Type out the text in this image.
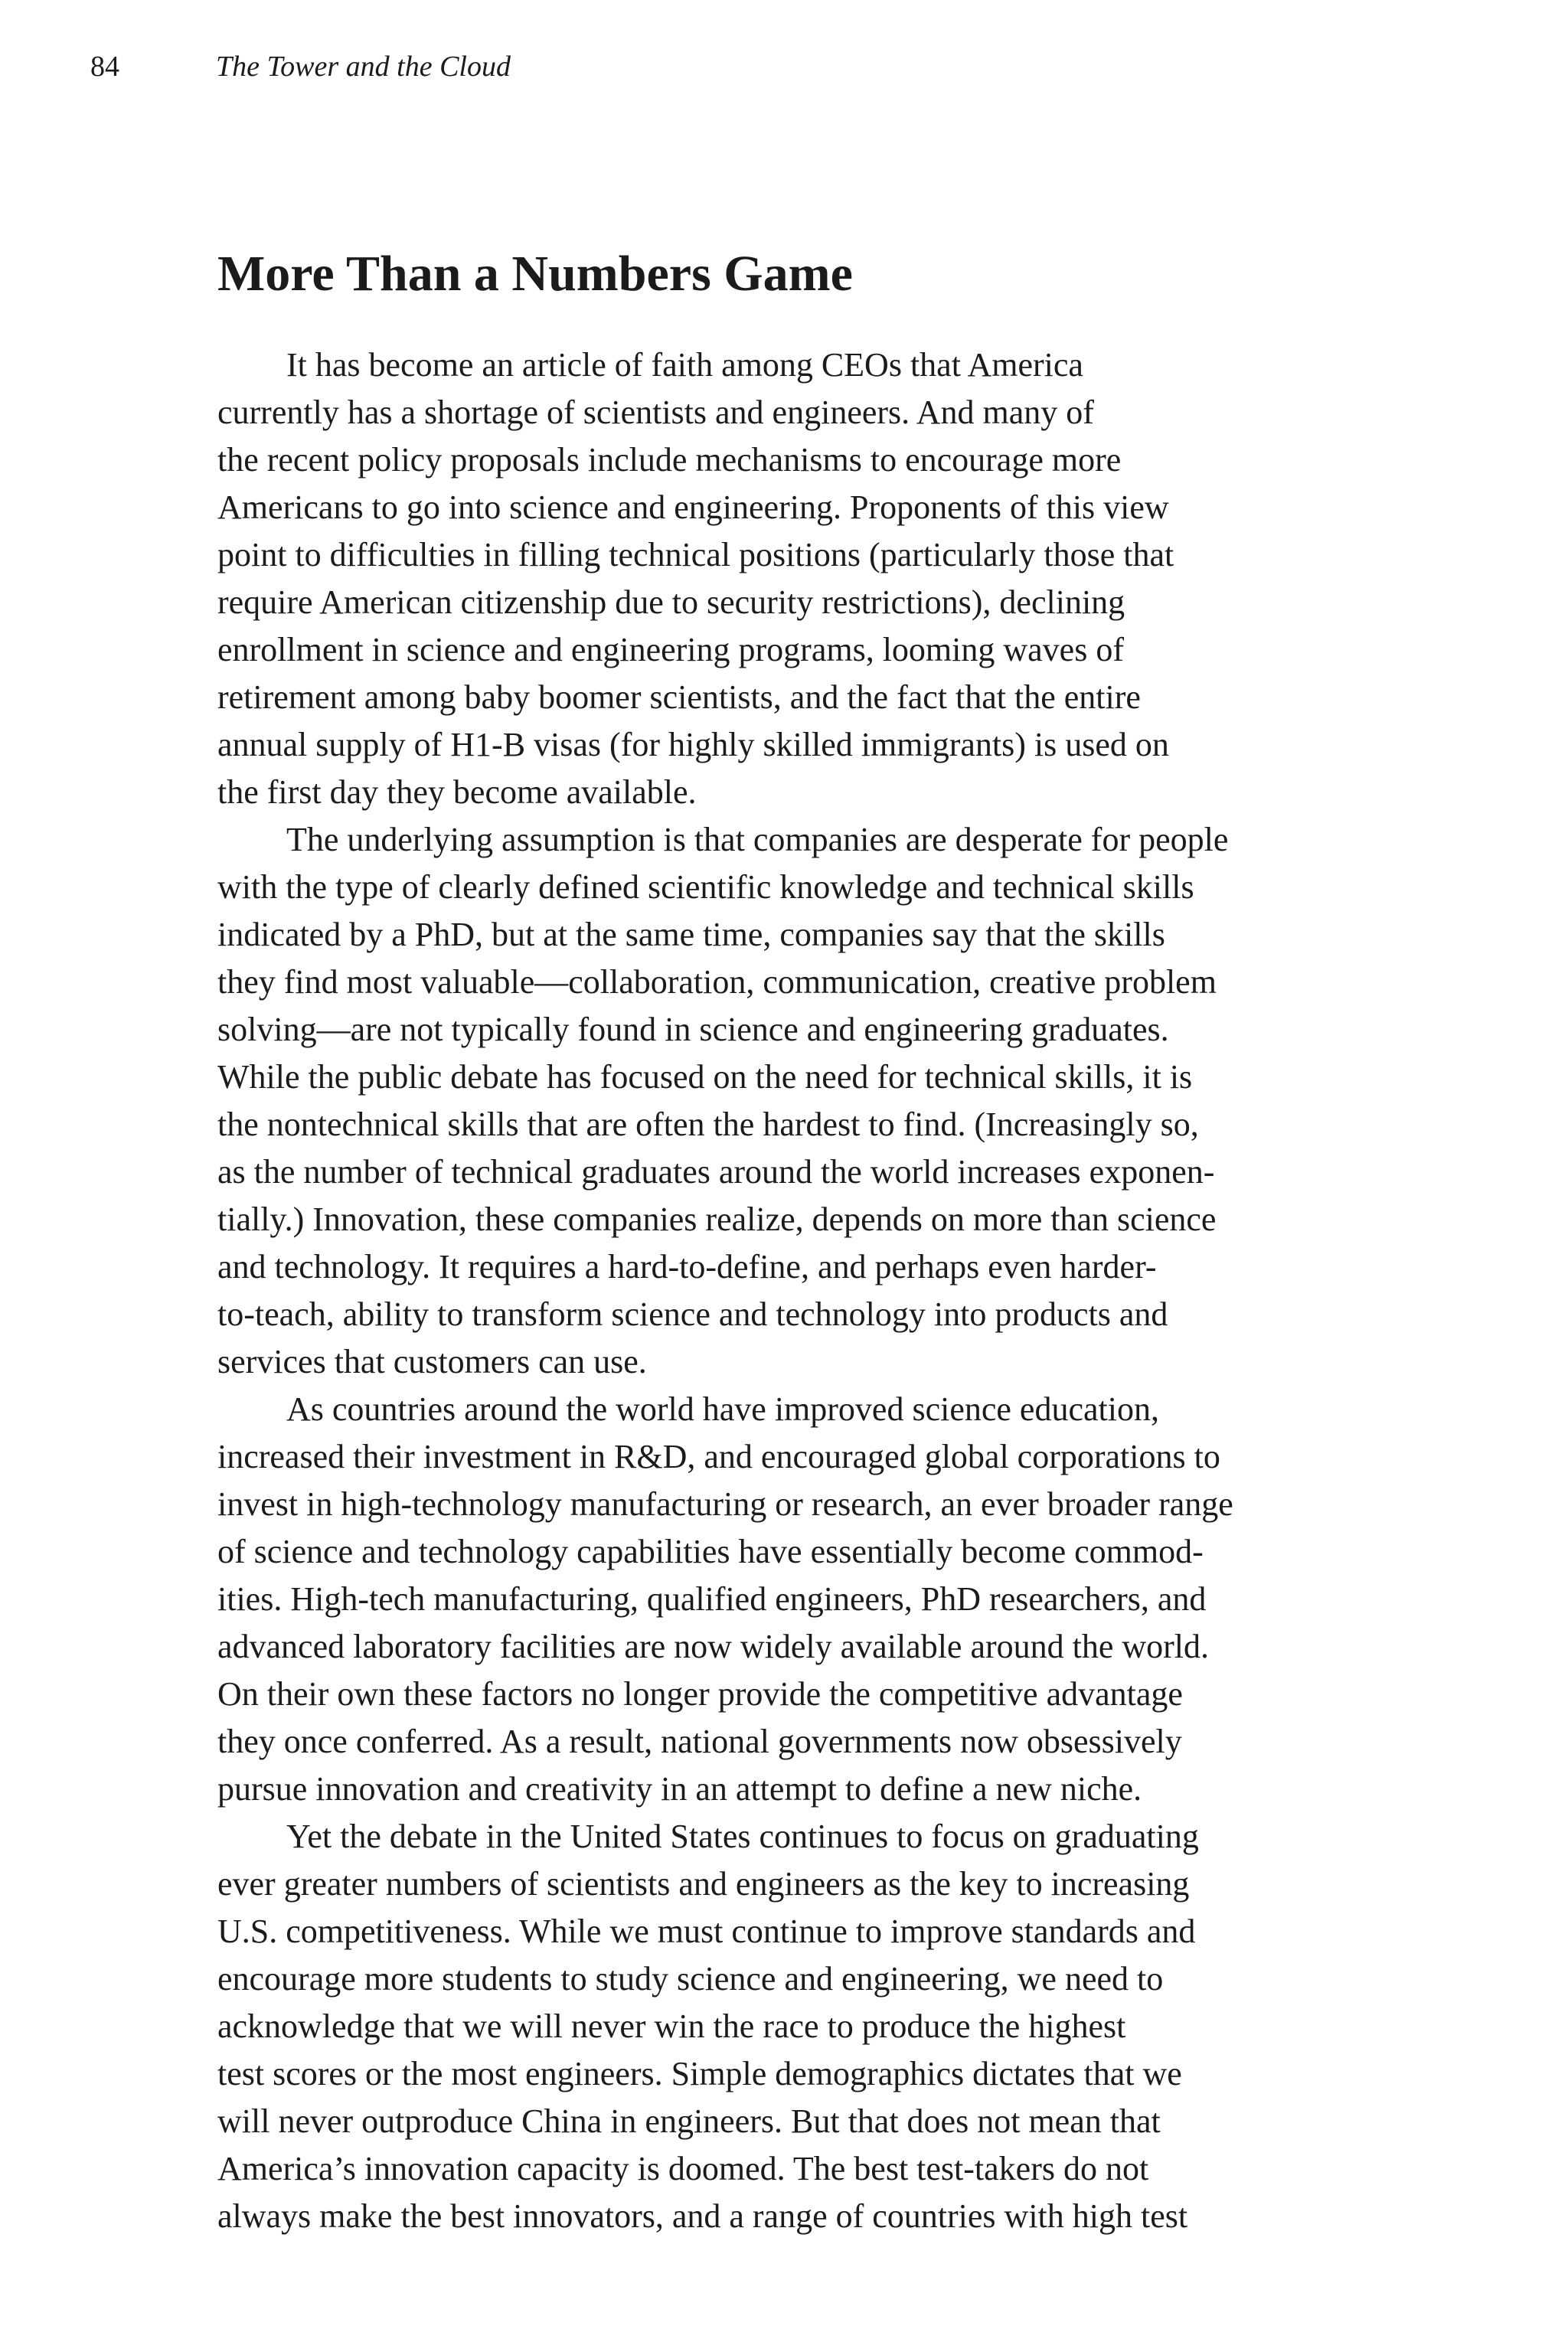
84	The Tower and the Cloud
More Than a Numbers Game
It has become an article of faith among CEOs that America
currently has a shortage of scientists and engineers. And many of
the recent policy proposals include mechanisms to encourage more
Americans to go into science and engineering. Proponents of this view
point to difficulties in filling technical positions (particularly those that
require American citizenship due to security restrictions), declining
enrollment in science and engineering programs, looming waves of
retirement among baby boomer scientists, and the fact that the entire
annual supply of H1-B visas (for highly skilled immigrants) is used on
the first day they become available.
The underlying assumption is that companies are desperate for people
with the type of clearly defined scientific knowledge and technical skills
indicated by a PhD, but at the same time, companies say that the skills
they find most valuable—collaboration, communication, creative problem
solving—are not typically found in science and engineering graduates.
While the public debate has focused on the need for technical skills, it is
the nontechnical skills that are often the hardest to find. (Increasingly so,
as the number of technical graduates around the world increases exponen-
tially.) Innovation, these companies realize, depends on more than science
and technology. It requires a hard-to-define, and perhaps even harder-
to-teach, ability to transform science and technology into products and
services that customers can use.
As countries around the world have improved science education,
increased their investment in R&D, and encouraged global corporations to
invest in high-technology manufacturing or research, an ever broader range
of science and technology capabilities have essentially become commod-
ities. High-tech manufacturing, qualified engineers, PhD researchers, and
advanced laboratory facilities are now widely available around the world.
On their own these factors no longer provide the competitive advantage
they once conferred. As a result, national governments now obsessively
pursue innovation and creativity in an attempt to define a new niche.
Yet the debate in the United States continues to focus on graduating
ever greater numbers of scientists and engineers as the key to increasing
U.S. competitiveness. While we must continue to improve standards and
encourage more students to study science and engineering, we need to
acknowledge that we will never win the race to produce the highest
test scores or the most engineers. Simple demographics dictates that we
will never outproduce China in engineers. But that does not mean that
America’s innovation capacity is doomed. The best test-takers do not
always make the best innovators, and a range of countries with high test
